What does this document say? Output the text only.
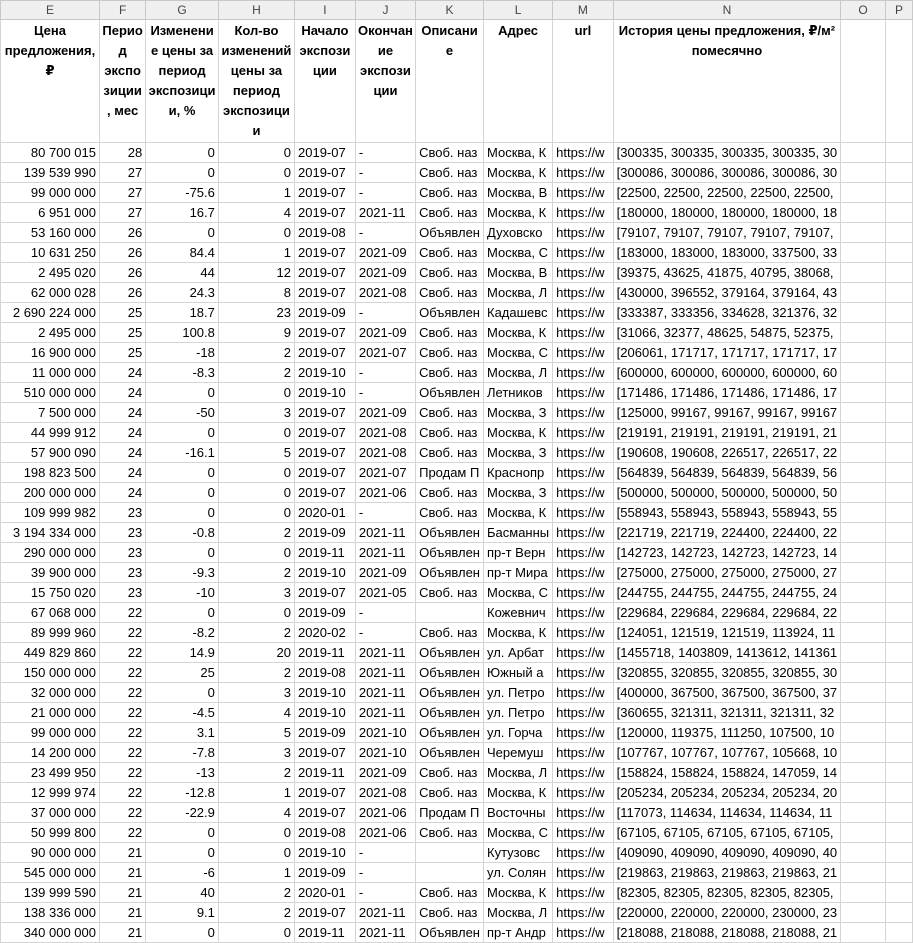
E	F	G	H	I	J	K	L	M	N	O	P
Цена предложения, ₽	Период экспозиции, мес	Изменение цены за период экспозиции, %	Кол-во изменений цены за период экспозиции	Начало экспозиции	Окончание экспозиции	Описание	Адрес	url	История цены предложения, ₽/м² помесячно		
80 700 015	28	0	0	2019-07	-	Своб. наз	Москва, К	https://w	[300335, 300335, 300335, 300335, 30		
139 539 990	27	0	0	2019-07	-	Своб. наз	Москва, К	https://w	[300086, 300086, 300086, 300086, 30		
99 000 000	27	-75.6	1	2019-07	-	Своб. наз	Москва, В	https://w	[22500, 22500, 22500, 22500, 22500,		
6 951 000	27	16.7	4	2019-07	2021-11	Своб. наз	Москва, К	https://w	[180000, 180000, 180000, 180000, 18		
53 160 000	26	0	0	2019-08	-	Объявлен	Духовско	https://w	[79107, 79107, 79107, 79107, 79107,		
10 631 250	26	84.4	1	2019-07	2021-09	Своб. наз	Москва, С	https://w	[183000, 183000, 183000, 337500, 33		
2 495 020	26	44	12	2019-07	2021-09	Своб. наз	Москва, В	https://w	[39375, 43625, 41875, 40795, 38068,		
62 000 028	26	24.3	8	2019-07	2021-08	Своб. наз	Москва, Л	https://w	[430000, 396552, 379164, 379164, 43		
2 690 224 000	25	18.7	23	2019-09	-	Объявлен	Кадашевс	https://w	[333387, 333356, 334628, 321376, 32		
2 495 000	25	100.8	9	2019-07	2021-09	Своб. наз	Москва, К	https://w	[31066, 32377, 48625, 54875, 52375,		
16 900 000	25	-18	2	2019-07	2021-07	Своб. наз	Москва, С	https://w	[206061, 171717, 171717, 171717, 17		
11 000 000	24	-8.3	2	2019-10	-	Своб. наз	Москва, Л	https://w	[600000, 600000, 600000, 600000, 60		
510 000 000	24	0	0	2019-10	-	Объявлен	Летников	https://w	[171486, 171486, 171486, 171486, 17		
7 500 000	24	-50	3	2019-07	2021-09	Своб. наз	Москва, З	https://w	[125000, 99167, 99167, 99167, 99167		
44 999 912	24	0	0	2019-07	2021-08	Своб. наз	Москва, К	https://w	[219191, 219191, 219191, 219191, 21		
57 900 090	24	-16.1	5	2019-07	2021-08	Своб. наз	Москва, З	https://w	[190608, 190608, 226517, 226517, 22		
198 823 500	24	0	0	2019-07	2021-07	Продам П	Краснопр	https://w	[564839, 564839, 564839, 564839, 56		
200 000 000	24	0	0	2019-07	2021-06	Своб. наз	Москва, З	https://w	[500000, 500000, 500000, 500000, 50		
109 999 982	23	0	0	2020-01	-	Своб. наз	Москва, К	https://w	[558943, 558943, 558943, 558943, 55		
3 194 334 000	23	-0.8	2	2019-09	2021-11	Объявлен	Басманны	https://w	[221719, 221719, 224400, 224400, 22		
290 000 000	23	0	0	2019-11	2021-11	Объявлен	пр-т Верн	https://w	[142723, 142723, 142723, 142723, 14		
39 900 000	23	-9.3	2	2019-10	2021-09	Объявлен	пр-т Мира	https://w	[275000, 275000, 275000, 275000, 27		
15 750 020	23	-10	3	2019-07	2021-05	Своб. наз	Москва, С	https://w	[244755, 244755, 244755, 244755, 24		
67 068 000	22	0	0	2019-09	-		Кожевнич	https://w	[229684, 229684, 229684, 229684, 22		
89 999 960	22	-8.2	2	2020-02	-	Своб. наз	Москва, К	https://w	[124051, 121519, 121519, 113924, 11		
449 829 860	22	14.9	20	2019-11	2021-11	Объявлен	ул. Арбат	https://w	[1455718, 1403809, 1413612, 141361		
150 000 000	22	25	2	2019-08	2021-11	Объявлен	Южный а	https://w	[320855, 320855, 320855, 320855, 30		
32 000 000	22	0	3	2019-10	2021-11	Объявлен	ул. Петро	https://w	[400000, 367500, 367500, 367500, 37		
21 000 000	22	-4.5	4	2019-10	2021-11	Объявлен	ул. Петро	https://w	[360655, 321311, 321311, 321311, 32		
99 000 000	22	3.1	5	2019-09	2021-10	Объявлен	ул. Горча	https://w	[120000, 119375, 111250, 107500, 10		
14 200 000	22	-7.8	3	2019-07	2021-10	Объявлен	Черемуш	https://w	[107767, 107767, 107767, 105668, 10		
23 499 950	22	-13	2	2019-11	2021-09	Своб. наз	Москва, Л	https://w	[158824, 158824, 158824, 147059, 14		
12 999 974	22	-12.8	1	2019-07	2021-08	Своб. наз	Москва, К	https://w	[205234, 205234, 205234, 205234, 20		
37 000 000	22	-22.9	4	2019-07	2021-06	Продам П	Восточны	https://w	[117073, 114634, 114634, 114634, 11		
50 999 800	22	0	0	2019-08	2021-06	Своб. наз	Москва, С	https://w	[67105, 67105, 67105, 67105, 67105,		
90 000 000	21	0	0	2019-10	-		Кутузовс	https://w	[409090, 409090, 409090, 409090, 40		
545 000 000	21	-6	1	2019-09	-		ул. Солян	https://w	[219863, 219863, 219863, 219863, 21		
139 999 590	21	40	2	2020-01	-	Своб. наз	Москва, К	https://w	[82305, 82305, 82305, 82305, 82305,		
138 336 000	21	9.1	2	2019-07	2021-11	Своб. наз	Москва, Л	https://w	[220000, 220000, 220000, 230000, 23		
340 000 000	21	0	0	2019-11	2021-11	Объявлен	пр-т Андр	https://w	[218088, 218088, 218088, 218088, 21		
